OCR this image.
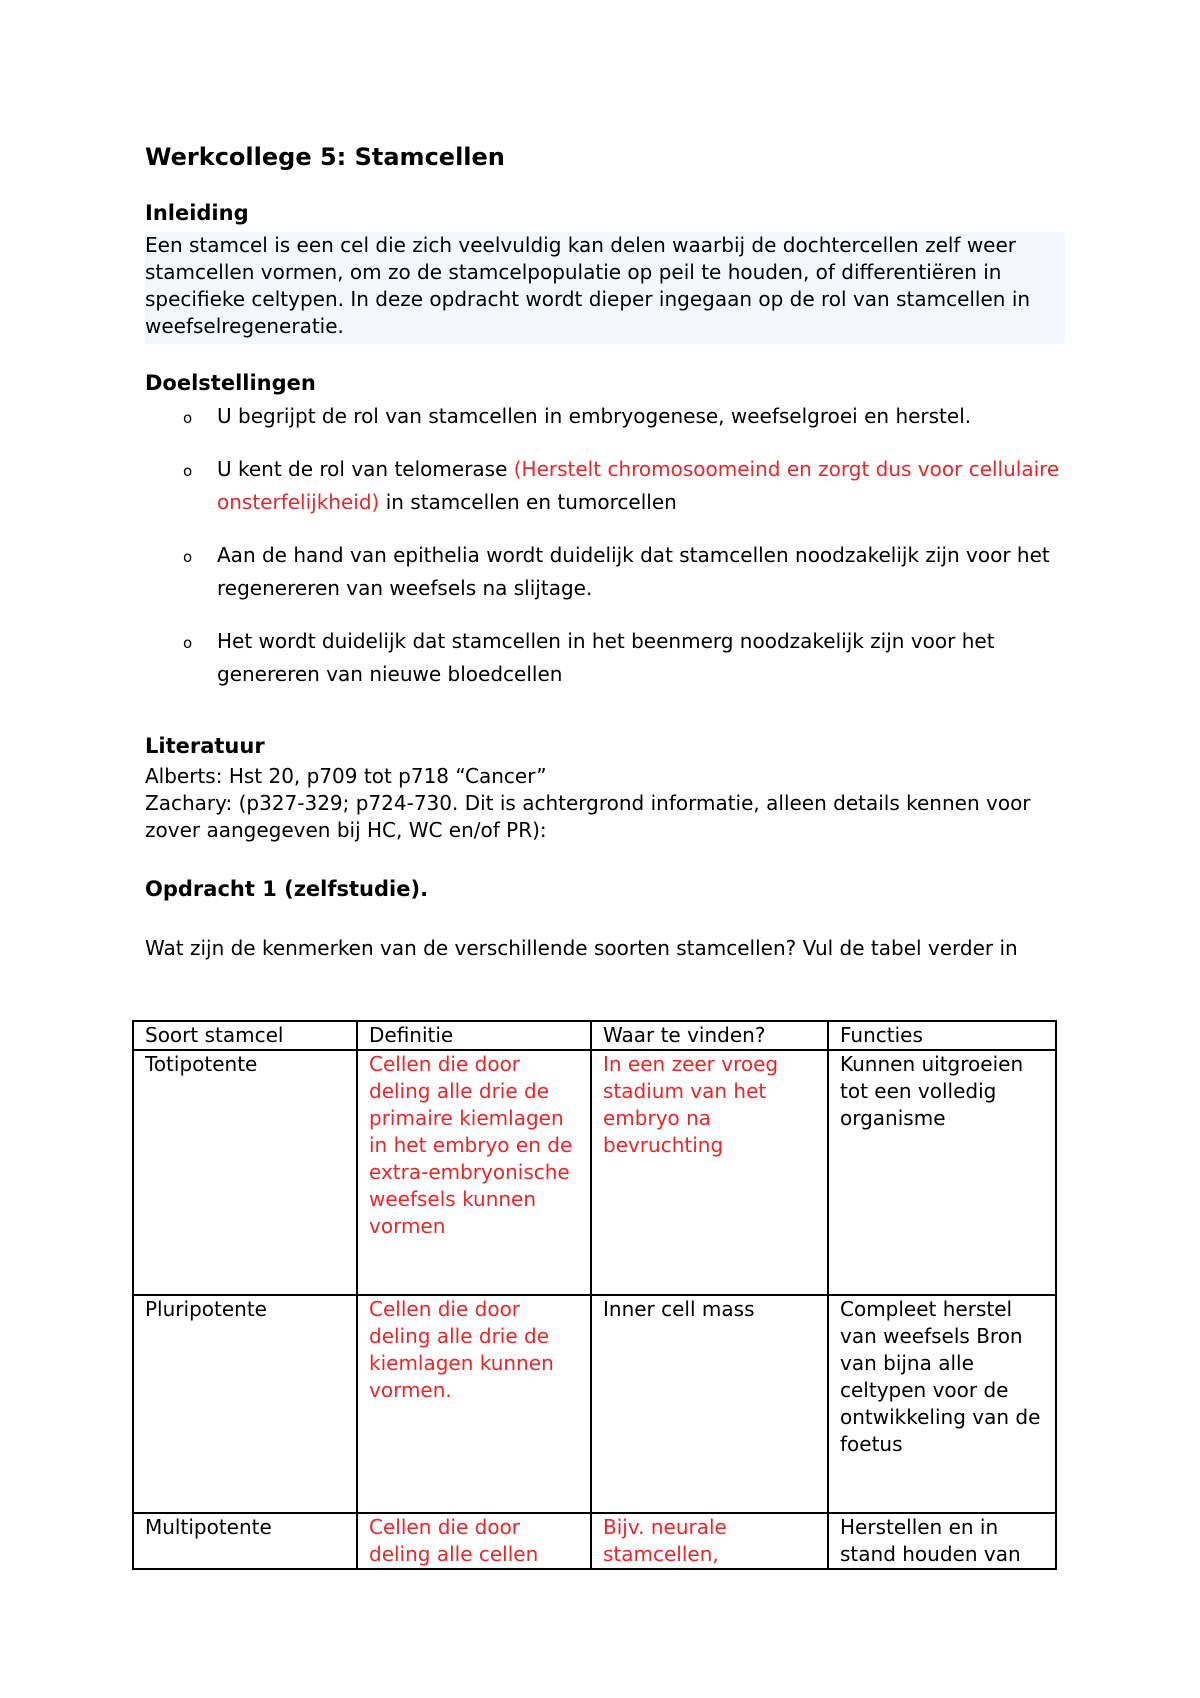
Werkcollege 5: Stamcellen
Inleiding

Een stamcel is een cel die zich veelvuldig kan delen waarbij de dochtercellen zelf weer stamcellen vormen, om zo de stamcelpopulatie op peil te houden, of differentiëren in specifieke celtypen. In deze opdracht wordt dieper ingegaan op de rol van stamcellen in weefselregeneratie.

Doelstellingen
o U begrijpt de rol van stamcellen in embryogenese, weefselgroei en herstel.
o U kent de rol van telomerase (Herstelt chromosoomeind en zorgt dus voor cellulaire onsterfelijkheid) in stamcellen en tumorcellen
o Aan de hand van epithelia wordt duidelijk dat stamcellen noodzakelijk zijn voor het regenereren van weefsels na slijtage.
o Het wordt duidelijk dat stamcellen in het beenmerg noodzakelijk zijn voor het genereren van nieuwe bloedcellen
Literatuur
Alberts: Hst 20, p709 tot p718 “Cancer”
Zachary: (p327-329; p724-730. Dit is achtergrond informatie, alleen details kennen voor zover aangegeven bij HC, WC en/of PR):
Opdracht 1 (zelfstudie).

Wat zijn de kenmerken van de verschillende soorten stamcellen? Vul de tabel verder in

Soort stamcel	Definitie	Waar te vinden?	Functies
Totipotente	Cellen die door deling alle drie de primaire kiemlagen in het embryo en de extra-embryonische weefsels kunnen vormen	In een zeer vroeg stadium van het embryo na bevruchting	Kunnen uitgroeien tot een volledig organisme
Pluripotente	Cellen die door deling alle drie de kiemlagen kunnen vormen.	Inner cell mass	Compleet herstel van weefsels Bron van bijna alle celtypen voor de ontwikkeling van de foetus
Multipotente	Cellen die door deling alle cellen	Bijv. neurale stamcellen,	Herstellen en in stand houden van
